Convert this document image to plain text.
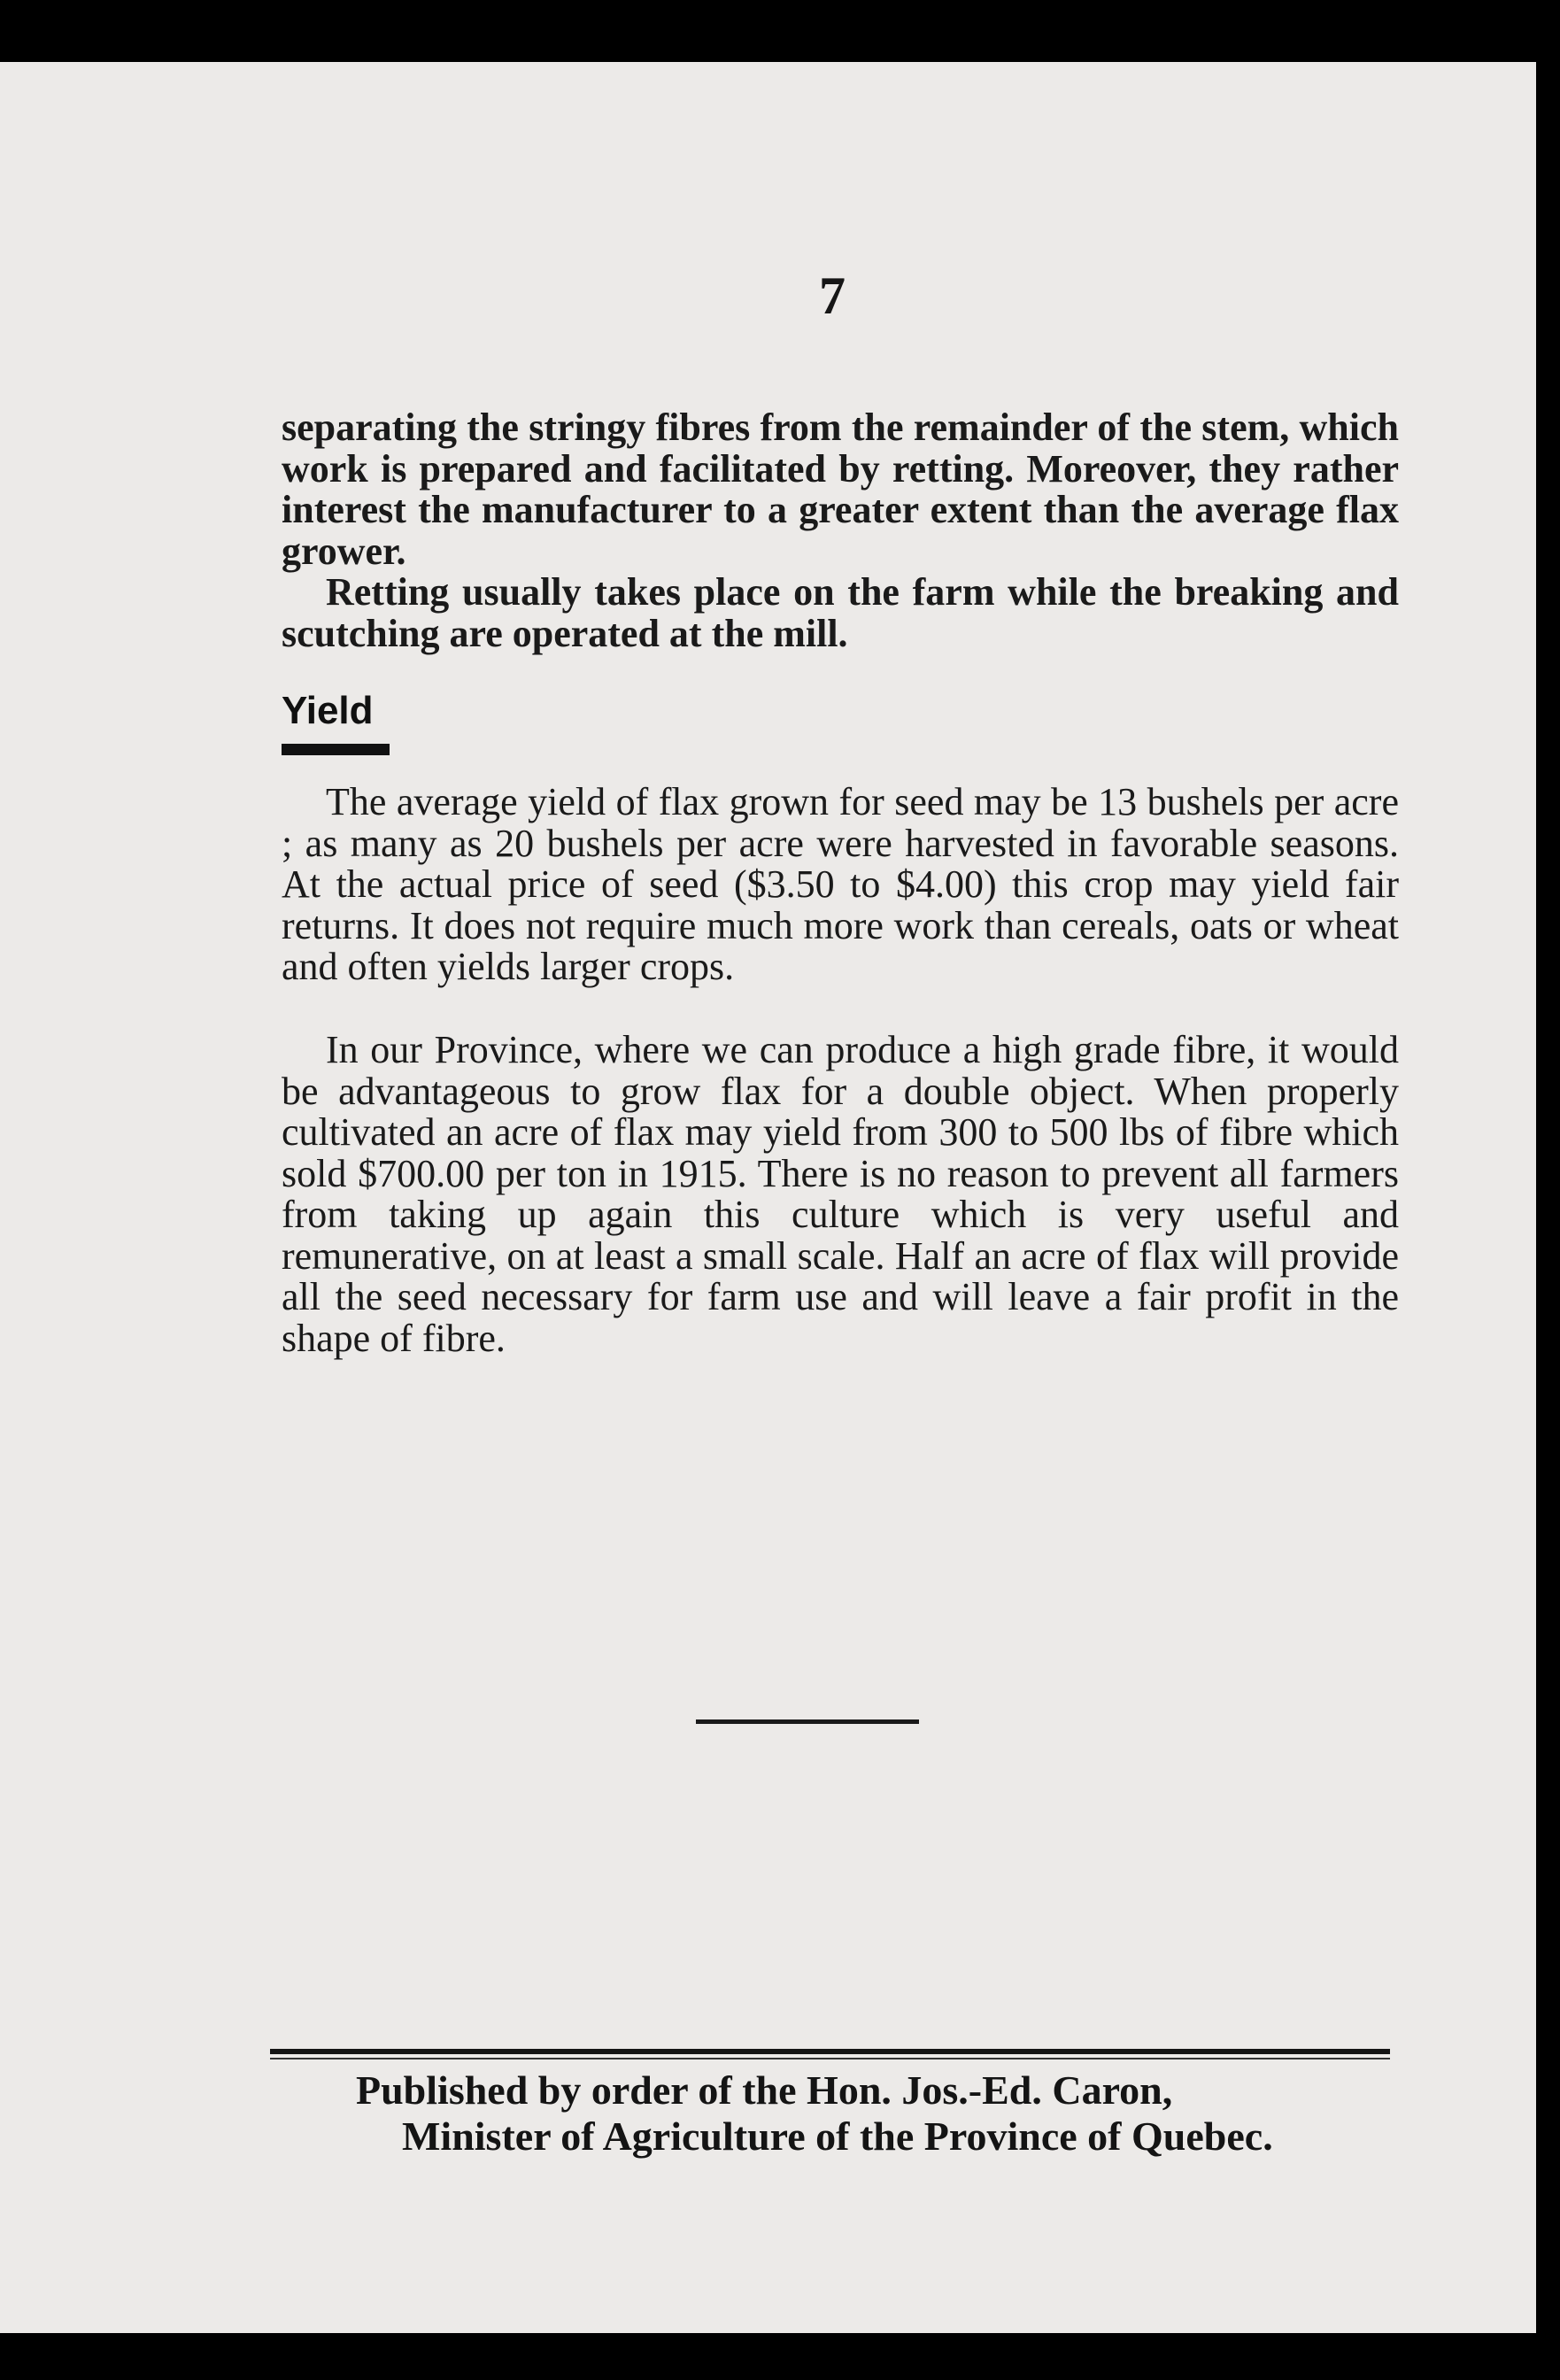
7

separating the stringy fibres from the remainder of the stem, which work is prepared and facilitated by retting. Moreover, they rather interest the manufacturer to a greater extent than the average flax grower.

Retting usually takes place on the farm while the breaking and scutching are operated at the mill.

Yield

The average yield of flax grown for seed may be 13 bushels per acre ; as many as 20 bushels per acre were harvested in favorable seasons. At the actual price of seed ($3.50 to $4.00) this crop may yield fair returns. It does not require much more work than cereals, oats or wheat and often yields larger crops.

In our Province, where we can produce a high grade fibre, it would be advantageous to grow flax for a double object. When properly cultivated an acre of flax may yield from 300 to 500 lbs of fibre which sold $700.00 per ton in 1915. There is no reason to prevent all farmers from taking up again this culture which is very useful and remunerative, on at least a small scale. Half an acre of flax will provide all the seed necessary for farm use and will leave a fair profit in the shape of fibre.

Published by order of the Hon. Jos.-Ed. Caron,
Minister of Agriculture of the Province of Quebec.
